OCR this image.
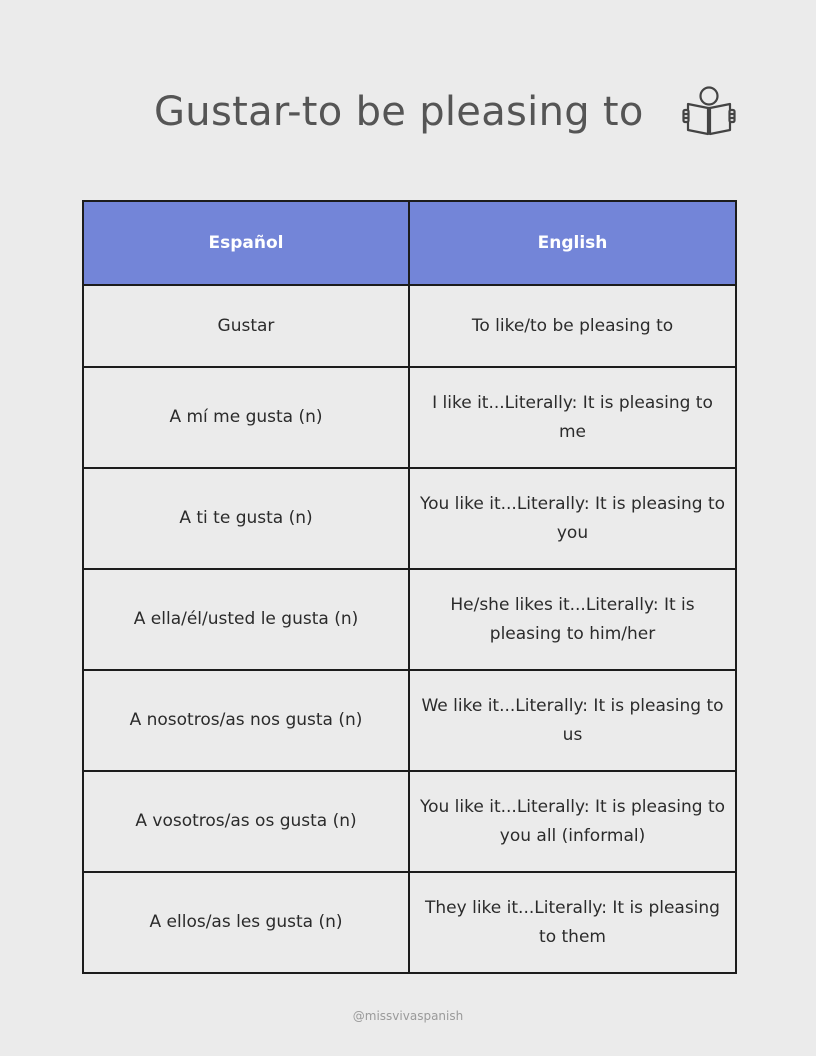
Gustar-to be pleasing to
Español	English
Gustar	To like/to be pleasing to
A mí me gusta (n)	I like it...Literally: It is pleasing to me
A ti te gusta (n)	You like it...Literally: It is pleasing to you
A ella/él/usted le gusta (n)	He/she likes it...Literally: It is pleasing to him/her
A nosotros/as nos gusta (n)	We like it...Literally: It is pleasing to us
A vosotros/as os gusta (n)	You like it...Literally: It is pleasing to you all (informal)
A ellos/as les gusta (n)	They like it...Literally: It is pleasing to them
@missvivaspanish
